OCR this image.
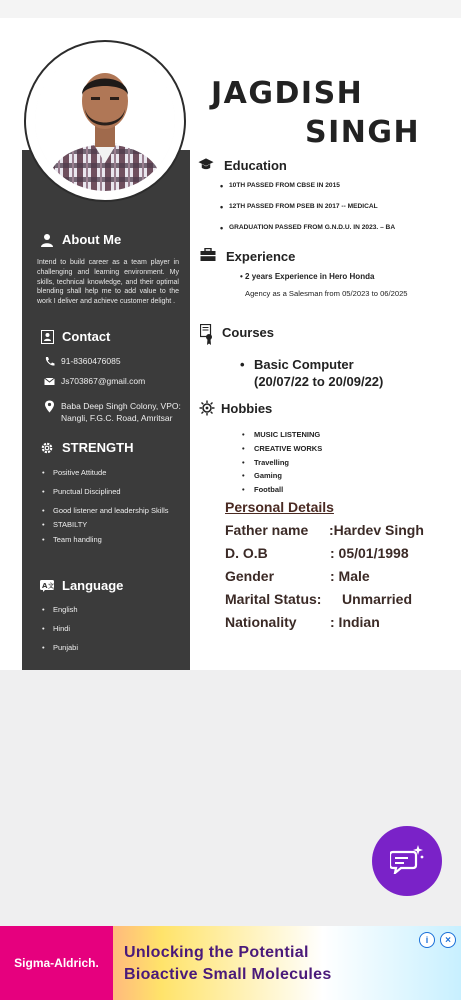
About Me
Intend to build career as a team player in challenging and learning environment. My skills, technical knowledge, and their optimal blending shall help me to add value to the work I deliver and achieve customer delight .
Contact
91-8360476085
Js703867@gmail.com
Baba Deep Singh Colony, VPO:
Nangli, F.G.C. Road, Amritsar
STRENGTH
• Positive Attitude
• Punctual Disciplined
• Good listener and leadership Skills
• STABILTY
• Team handling
A 文 Language
• English
• Hindi
• Punjabi
JAGDISH
SINGH
Education
• 10TH PASSED FROM CBSE IN 2015
• 12TH PASSED FROM PSEB IN 2017 -- MEDICAL
• GRADUATION PASSED FROM G.N.D.U. IN 2023. – BA
Experience
• 2 years Experience in Hero Honda
Agency as a Salesman from 05/2023 to 06/2025
Courses
• Basic Computer
(20/07/22 to 20/09/22)
Hobbies
• MUSIC LISTENING
• CREATIVE WORKS
• Travelling
• Gaming
• Football
Personal Details
Father name :Hardev Singh
D. O.B	: 05/01/1998
Gender	: Male
Marital Status: Unmarried
Nationality : Indian
Sigma-Aldrich.
Unlocking the Potential
Bioactive Small Molecules
i	×
